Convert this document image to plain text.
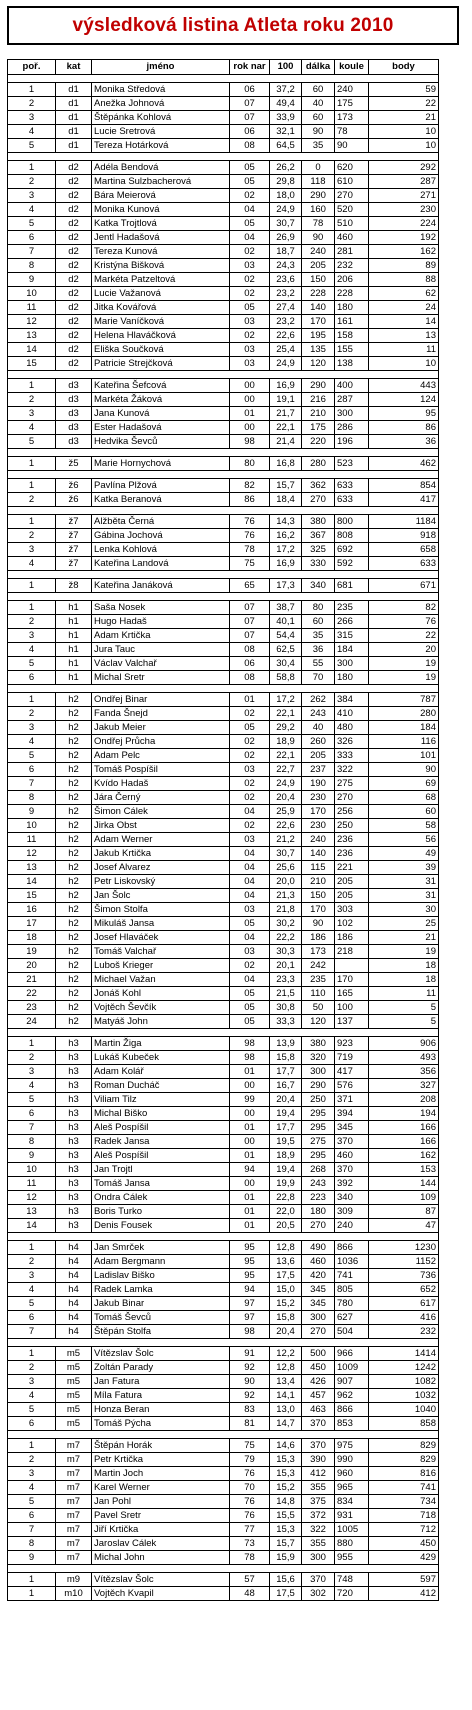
výsledková listina Atleta roku 2010
poř.	kat	jméno	rok nar	100	dálka	koule	body

1	d1	Monika Středová	06	37,2	60	240	59
2	d1	Anežka Johnová	07	49,4	40	175	22
3	d1	Štěpánka Kohlová	07	33,9	60	173	21
4	d1	Lucie Sretrová	06	32,1	90	78	10
5	d1	Tereza Hotárková	08	64,5	35	90	10

1	d2	Adéla Bendová	05	26,2	0	620	292
2	d2	Martina Sulzbacherová	05	29,8	118	610	287
3	d2	Bára Meierová	02	18,0	290	270	271
4	d2	Monika Kunová	04	24,9	160	520	230
5	d2	Katka Trojtlová	05	30,7	78	510	224
6	d2	Jentl Hadašová	04	26,9	90	460	192
7	d2	Tereza Kunová	02	18,7	240	281	162
8	d2	Kristýna Bišková	03	24,3	205	232	89
9	d2	Markéta Patzeltová	02	23,6	150	206	88
10	d2	Lucie Važanová	02	23,2	228	228	62
11	d2	Jitka Kovářová	05	27,4	140	180	24
12	d2	Marie Vaníčková	03	23,2	170	161	14
13	d2	Helena Hlaváčková	02	22,6	195	158	13
14	d2	Eliška Součková	03	25,4	135	155	11
15	d2	Patricie Strejčková	03	24,9	120	138	10

1	d3	Kateřina Šefcová	00	16,9	290	400	443
2	d3	Markéta Žáková	00	19,1	216	287	124
3	d3	Jana Kunová	01	21,7	210	300	95
4	d3	Ester Hadašová	00	22,1	175	286	86
5	d3	Hedvika Ševců	98	21,4	220	196	36

1	ž5	Marie Hornychová	80	16,8	280	523	462

1	ž6	Pavlína Plžová	82	15,7	362	633	854
2	ž6	Katka Beranová	86	18,4	270	633	417

1	ž7	Alžběta Černá	76	14,3	380	800	1184
2	ž7	Gábina Jochová	76	16,2	367	808	918
3	ž7	Lenka Kohlová	78	17,2	325	692	658
4	ž7	Kateřina Landová	75	16,9	330	592	633

1	ž8	Kateřina Janáková	65	17,3	340	681	671

1	h1	Saša Nosek	07	38,7	80	235	82
2	h1	Hugo Hadaš	07	40,1	60	266	76
3	h1	Adam Krtička	07	54,4	35	315	22
4	h1	Jura Tauc	08	62,5	36	184	20
5	h1	Václav Valchař	06	30,4	55	300	19
6	h1	Michal Sretr	08	58,8	70	180	19

1	h2	Ondřej Binar	01	17,2	262	384	787
2	h2	Fanda Šnejd	02	22,1	243	410	280
3	h2	Jakub Meier	05	29,2	40	480	184
4	h2	Ondřej Průcha	02	18,9	260	326	116
5	h2	Adam Pelc	02	22,1	205	333	101
6	h2	Tomáš Pospíšil	03	22,7	237	322	90
7	h2	Kvído Hadaš	02	24,9	190	275	69
8	h2	Jára Černý	02	20,4	230	270	68
9	h2	Šimon Cálek	04	25,9	170	256	60
10	h2	Jirka Obst	02	22,6	230	250	58
11	h2	Adam Werner	03	21,2	240	236	56
12	h2	Jakub Krtička	04	30,7	140	236	49
13	h2	Josef Alvarez	04	25,6	115	221	39
14	h2	Petr Liskovský	04	20,0	210	205	31
15	h2	Jan Šolc	04	21,3	150	205	31
16	h2	Šimon Stolfa	03	21,8	170	303	30
17	h2	Mikuláš Jansa	05	30,2	90	102	25
18	h2	Josef Hlaváček	04	22,2	186	186	21
19	h2	Tomáš Valchař	03	30,3	173	218	19
20	h2	Luboš Krieger	02	20,1	242		18
21	h2	Michael Važan	04	23,3	235	170	18
22	h2	Jonáš Kohl	05	21,5	110	165	11
23	h2	Vojtěch Ševčík	05	30,8	50	100	5
24	h2	Matyáš John	05	33,3	120	137	5

1	h3	Martin Žiga	98	13,9	380	923	906
2	h3	Lukáš Kubeček	98	15,8	320	719	493
3	h3	Adam Kolář	01	17,7	300	417	356
4	h3	Roman Ducháč	00	16,7	290	576	327
5	h3	Viliam Tilz	99	20,4	250	371	208
6	h3	Michal Biško	00	19,4	295	394	194
7	h3	Aleš Pospíšil	01	17,7	295	345	166
8	h3	Radek Jansa	00	19,5	275	370	166
9	h3	Aleš Pospíšil	01	18,9	295	460	162
10	h3	Jan Trojtl	94	19,4	268	370	153
11	h3	Tomáš Jansa	00	19,9	243	392	144
12	h3	Ondra Cálek	01	22,8	223	340	109
13	h3	Boris Turko	01	22,0	180	309	87
14	h3	Denis Fousek	01	20,5	270	240	47

1	h4	Jan Smrček	95	12,8	490	866	1230
2	h4	Adam Bergmann	95	13,6	460	1036	1152
3	h4	Ladislav Biško	95	17,5	420	741	736
4	h4	Radek Lamka	94	15,0	345	805	652
5	h4	Jakub Binar	97	15,2	345	780	617
6	h4	Tomáš Ševců	97	15,8	300	627	416
7	h4	Štěpán Stolfa	98	20,4	270	504	232

1	m5	Vítězslav Šolc	91	12,2	500	966	1414
2	m5	Zoltán Parady	92	12,8	450	1009	1242
3	m5	Jan Fatura	90	13,4	426	907	1082
4	m5	Míla Fatura	92	14,1	457	962	1032
5	m5	Honza Beran	83	13,0	463	866	1040
6	m5	Tomáš Pýcha	81	14,7	370	853	858

1	m7	Štěpán Horák	75	14,6	370	975	829
2	m7	Petr Krtička	79	15,3	390	990	829
3	m7	Martin Joch	76	15,3	412	960	816
4	m7	Karel Werner	70	15,2	355	965	741
5	m7	Jan Pohl	76	14,8	375	834	734
6	m7	Pavel Sretr	76	15,5	372	931	718
7	m7	Jiří Krtička	77	15,3	322	1005	712
8	m7	Jaroslav Cálek	73	15,7	355	880	450
9	m7	Michal John	78	15,9	300	955	429

1	m9	Vítězslav Šolc	57	15,6	370	748	597
1	m10	Vojtěch Kvapil	48	17,5	302	720	412
